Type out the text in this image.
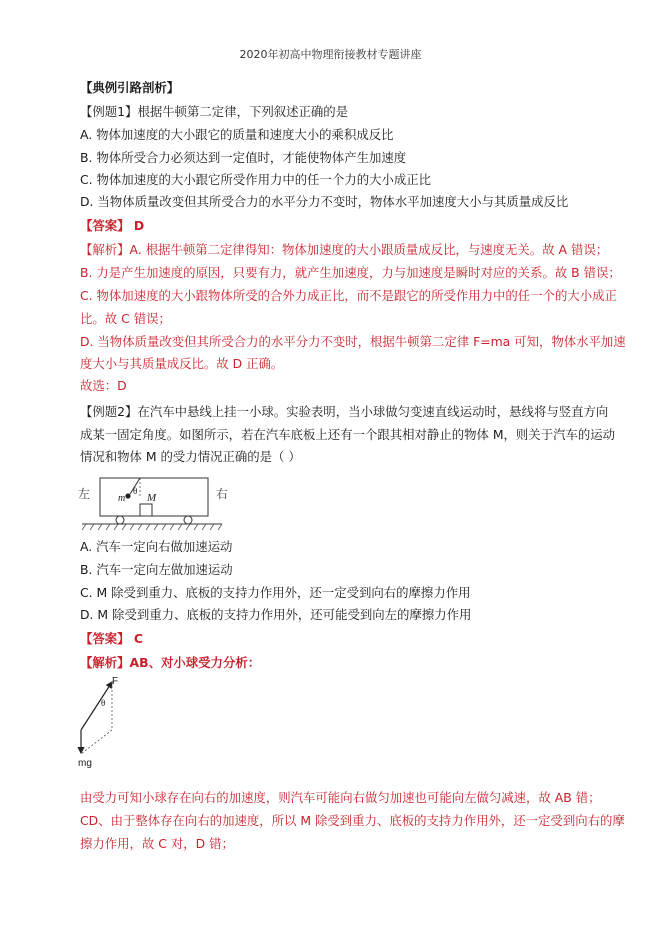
2020年初高中物理衔接教材专题讲座
【典例引路剖析】
【例题1】根据牛顿第二定律，下列叙述正确的是
A. 物体加速度的大小跟它的质量和速度大小的乘积成反比
B. 物体所受合力必须达到一定值时，才能使物体产生加速度
C. 物体加速度的大小跟它所受作用力中的任一个力的大小成正比
D. 当物体质量改变但其所受合力的水平分力不变时，物体水平加速度大小与其质量成反比
【答案】 D
【解析】A. 根据牛顿第二定律得知：物体加速度的大小跟质量成反比，与速度无关。故 A 错误；
B. 力是产生加速度的原因，只要有力，就产生加速度，力与加速度是瞬时对应的关系。故 B 错误；
C. 物体加速度的大小跟物体所受的合外力成正比，而不是跟它的所受作用力中的任一个的大小成正
比。故 C 错误；
D. 当物体质量改变但其所受合力的水平分力不变时，根据牛顿第二定律 F=ma 可知，物体水平加速
度大小与其质量成反比。故 D 正确。
故选：D
【例题2】在汽车中悬线上挂一小球。实验表明，当小球做匀变速直线运动时，悬线将与竖直方向
成某一固定角度。如图所示，若在汽车底板上还有一个跟其相对静止的物体 M，则关于汽车的运动
情况和物体 M 的受力情况正确的是（ ）
左	右
m
θ
M
A. 汽车一定向右做加速运动
B. 汽车一定向左做加速运动
C. M 除受到重力、底板的支持力作用外，还一定受到向右的摩擦力作用
D. M 除受到重力、底板的支持力作用外，还可能受到向左的摩擦力作用
【答案】 C
【解析】AB、对小球受力分析：
F
θ
mg
由受力可知小球存在向右的加速度，则汽车可能向右做匀加速也可能向左做匀减速，故 AB 错；
CD、由于整体存在向右的加速度，所以 M 除受到重力、底板的支持力作用外，还一定受到向右的摩
擦力作用，故 C 对，D 错；
